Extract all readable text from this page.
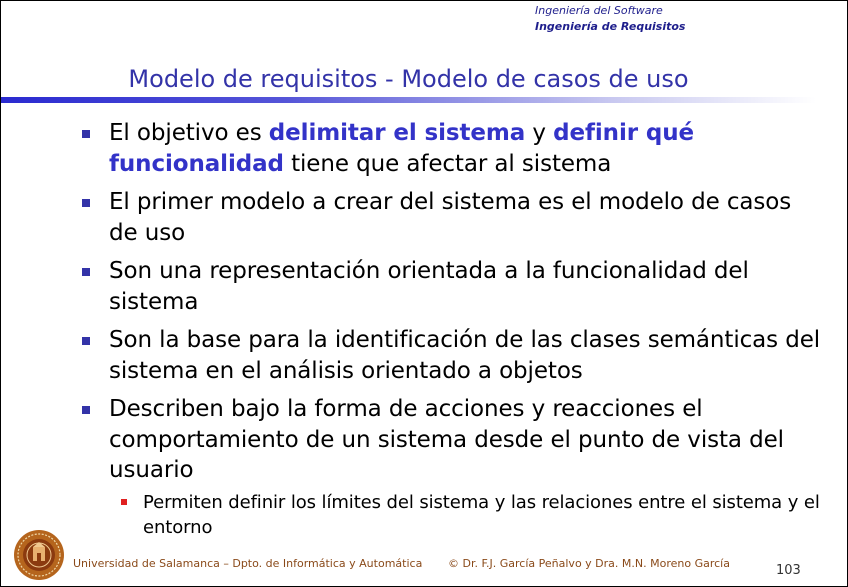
Ingeniería del Software
Ingeniería de Requisitos
Modelo de requisitos - Modelo de casos de uso
El objetivo es delimitar el sistema y definir qué funcionalidad tiene que afectar al sistema
El primer modelo a crear del sistema es el modelo de casos de uso
Son una representación orientada a la funcionalidad del sistema
Son la base para la identificación de las clases semánticas del sistema en el análisis orientado a objetos
Describen bajo la forma de acciones y reacciones el comportamiento de un sistema desde el punto de vista del usuario
Permiten definir los límites del sistema y las relaciones entre el sistema y el entorno
Universidad de Salamanca – Dpto. de Informática y Automática © Dr. F.J. García Peñalvo y Dra. M.N. Moreno García	103
